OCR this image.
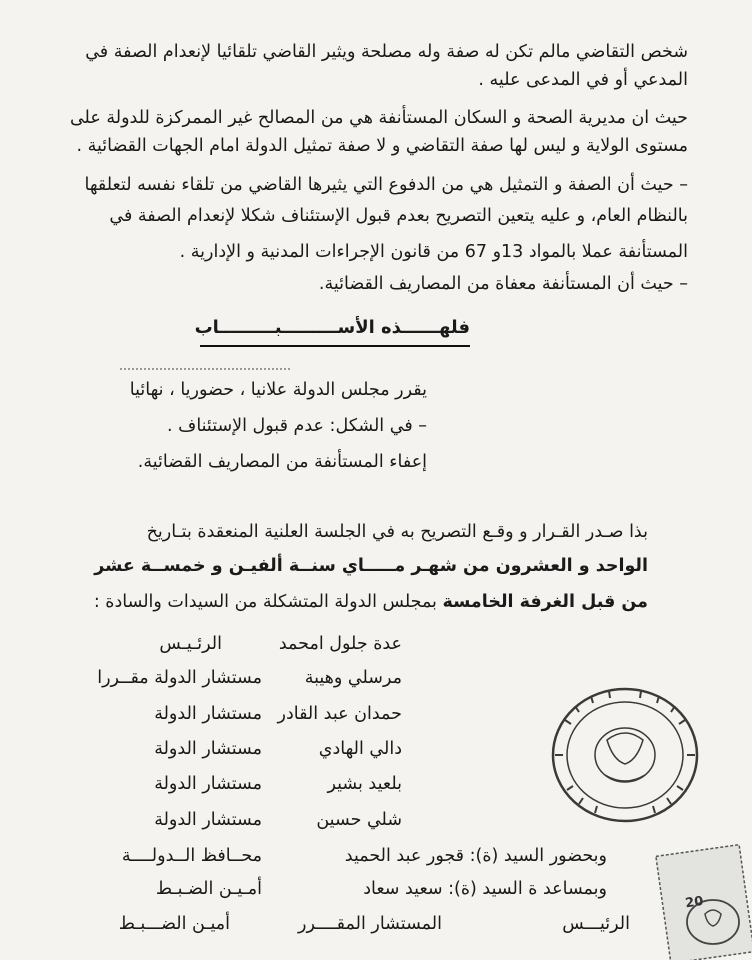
شخص التقاضي مالم تكن له صفة وله مصلحة ويثير القاضي تلقائيا لإنعدام الصفة في
المدعي أو في المدعى عليه .
حيث ان مديرية الصحة و السكان المستأنفة هي من المصالح غير الممركزة للدولة على
مستوى الولاية و ليس لها صفة التقاضي و لا صفة تمثيل الدولة امام الجهات القضائية .
– حيث أن الصفة و التمثيل هي من الدفوع التي يثيرها القاضي من تلقاء نفسه لتعلقها
بالنظام العام، و عليه يتعين التصريح بعدم قبول الإستئناف شكلا لإنعدام الصفة في
المستأنفة عملا بالمواد 13و 67 من قانون الإجراءات المدنية و الإدارية .
– حيث أن المستأنفة معفاة من المصاريف القضائية.
فلهــــــذه الأســـــــــبـــــــــاب
يقرر مجلس الدولة علانيا ، حضوريا ، نهائيا
– في الشكل: عدم قبول الإستئناف .
إعفاء المستأنفة من المصاريف القضائية.
بذا صـدر القـرار و وقـع التصريح به في الجلسة العلنية المنعقدة بتـاريخ
الواحد و العشرون من شهـر مـــــاي سنــة ألفيـن و خمســة عشر
من قبل الغرفة الخامسة بمجلس الدولة المتشكلة من السيدات والسادة :
عدة جلول امحمد
الرئـيـس
مرسلي وهيبة
مستشار الدولة مقــررا
حمدان عبد القادر
مستشار الدولة
دالي الهادي
مستشار الدولة
بلعيد بشير
مستشار الدولة
شلي حسين
مستشار الدولة
وبحضور السيد (ة): قجور عبد الحميد
محــافظ الــدولــــة
وبمساعد ة السيد (ة): سعيد سعاد
أمـيـن الضـبـط
الرئيـــس
المستشار المقــــرر
أميـن الضـــبـط
20
